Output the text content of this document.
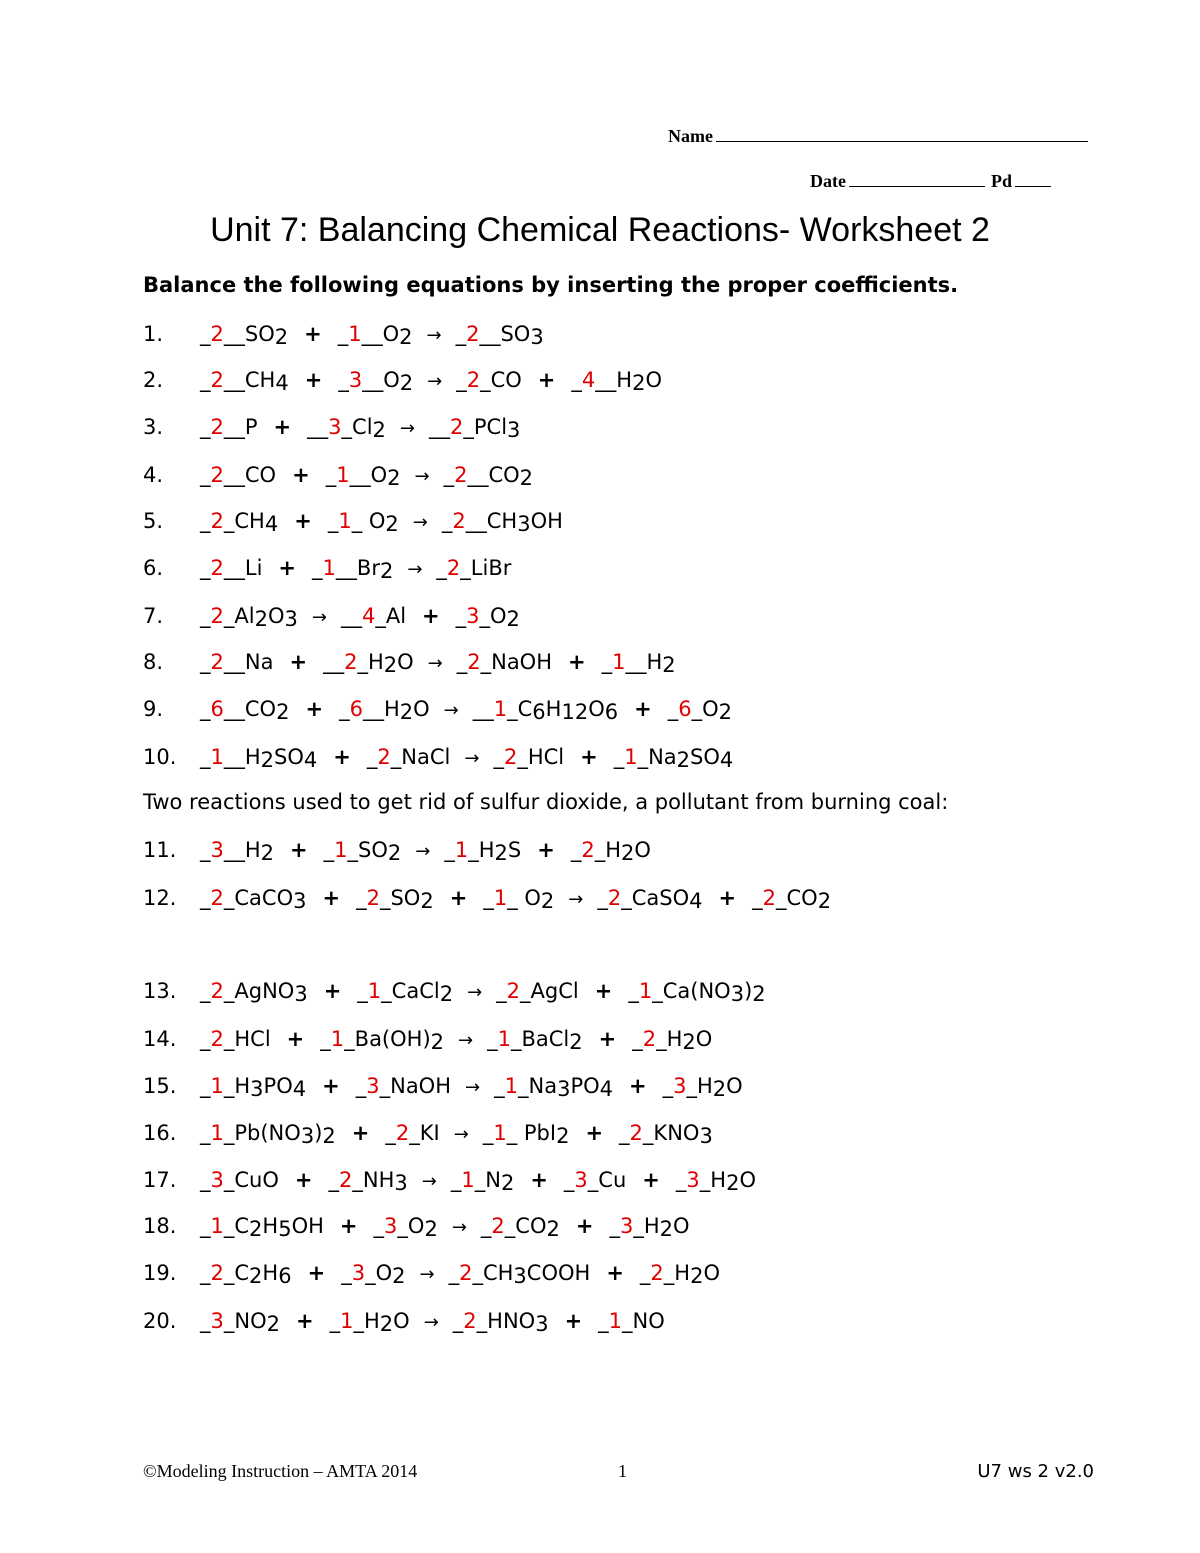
Name
Date	Pd
Unit 7: Balancing Chemical Reactions- Worksheet 2
Balance the following equations by inserting the proper coefficients.
Two reactions used to get rid of sulfur dioxide, a pollutant from burning coal:
1.	$\_2\_\_SO_2$ + $\_1\_\_O_2$ → $\_2\_\_SO_3$
2.	$\_2\_\_CH_4$ + $\_3\_\_O_2$ → _2_CO + $\_4\_\_H_2O$
3.	_2__P + $\_\_3\_Cl_2$ → __2_PCl$_3$
4.	_2__CO + $\_1\_\_O_2$ → $\_2\_\_CO_2$
5.	$\_2\_CH_4$ + _1_ $O_2$ → $\_2\_\_CH_3OH$
6.	_2__Li + $\_1\_\_Br_2$ → _2_LiBr
7.	$\_2\_Al_2O_3$ → __4_Al + $\_3\_O_2$
8.	_2__Na + $\_\_2\_H_2O$ → _2_NaOH + $\_1\_\_H_2$
9.	$\_6\_\_CO_2$ + $\_6\_\_H_2O$ → $\_\_1\_C_6H_{12}O_6$ + $\_6\_O_2$
10.	$\_1\_\_H_2SO_4$ + _2_NaCl → _2_HCl + $\_1\_Na_2SO_4$
11.	$\_3\_\_H_2$ + $\_1\_SO_2$ → $\_1\_H_2S$ + $\_2\_H_2O$
12.	_2_CaCO$_3$ + $\_2\_SO_2$ + _1_ $O_2$ → _2_CaSO$_4$ + $\_2\_CO_2$
13.	_2_AgNO$_3$ + _1_CaCl$_2$ → _2_AgCl + $\_1\_Ca(NO_3)_2$
14.	_2_HCl + $\_1\_Ba(OH)_2$ → _1_BaCl$_2$ + $\_2\_H_2O$
15.	$\_1\_H_3PO_4$ + _3_NaOH → $\_1\_Na_3PO_4$ + $\_3\_H_2O$
16.	$\_1\_Pb(NO_3)_2$ + _2_KI → _1_ $PbI_2 + \_2\_KNO_3$
17.	_3_CuO + $\_2\_NH_3$ → $\_1\_N_2$ + _3_Cu + $\_3\_H_2O$
18.	$\_1\_C_2H_5OH$ + $\_3\_O_2$ → $\_2\_CO_2$ + $\_3\_H_2O$
19.	$\_2\_C_2H_6$ + $\_3\_O_2$ → $\_2\_CH_3COOH$ + $\_2\_H_2O$
20.	$\_3\_NO_2$ + $\_1\_H_2O$ → $\_2\_HNO_3$ + _1_NO
©Modeling Instruction – AMTA 2014	1	U7 ws 2 v2.0
